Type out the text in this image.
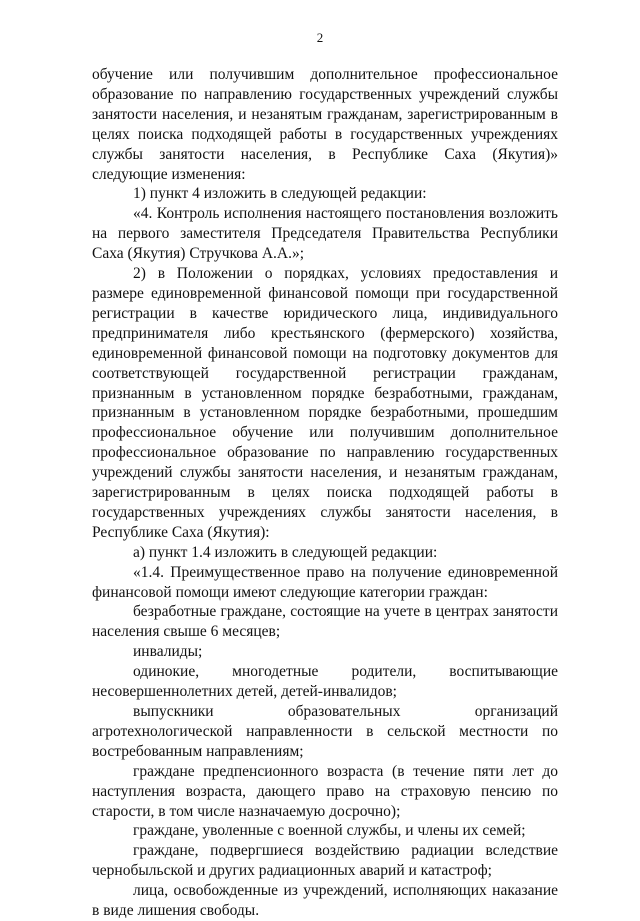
2

обучение или получившим дополнительное профессиональное образование по направлению государственных учреждений службы занятости населения, и незанятым гражданам, зарегистрированным в целях поиска подходящей работы в государственных учреждениях службы занятости населения, в Республике Саха (Якутия)» следующие изменения:

1) пункт 4 изложить в следующей редакции:

«4. Контроль исполнения настоящего постановления возложить на первого заместителя Председателя Правительства Республики Саха (Якутия) Стручкова А.А.»;

2) в Положении о порядках, условиях предоставления и размере единовременной финансовой помощи при государственной регистрации в качестве юридического лица, индивидуального предпринимателя либо крестьянского (фермерского) хозяйства, единовременной финансовой помощи на подготовку документов для соответствующей государственной регистрации гражданам, признанным в установленном порядке безработными, гражданам, признанным в установленном порядке безработными, прошедшим профессиональное обучение или получившим дополнительное профессиональное образование по направлению государственных учреждений службы занятости населения, и незанятым гражданам, зарегистрированным в целях поиска подходящей работы в государственных учреждениях службы занятости населения, в Республике Саха (Якутия):

а) пункт 1.4 изложить в следующей редакции:

«1.4. Преимущественное право на получение единовременной финансовой помощи имеют следующие категории граждан:

безработные граждане, состоящие на учете в центрах занятости населения свыше 6 месяцев;

инвалиды;

одинокие, многодетные родители, воспитывающие несовершеннолетних детей, детей-инвалидов;

выпускники образовательных организаций агротехнологической направленности в сельской местности по востребованным направлениям;

граждане предпенсионного возраста (в течение пяти лет до наступления возраста, дающего право на страховую пенсию по старости, в том числе назначаемую досрочно);

граждане, уволенные с военной службы, и члены их семей;

граждане, подвергшиеся воздействию радиации вследствие чернобыльской и других радиационных аварий и катастроф;

лица, освобожденные из учреждений, исполняющих наказание в виде лишения свободы.
